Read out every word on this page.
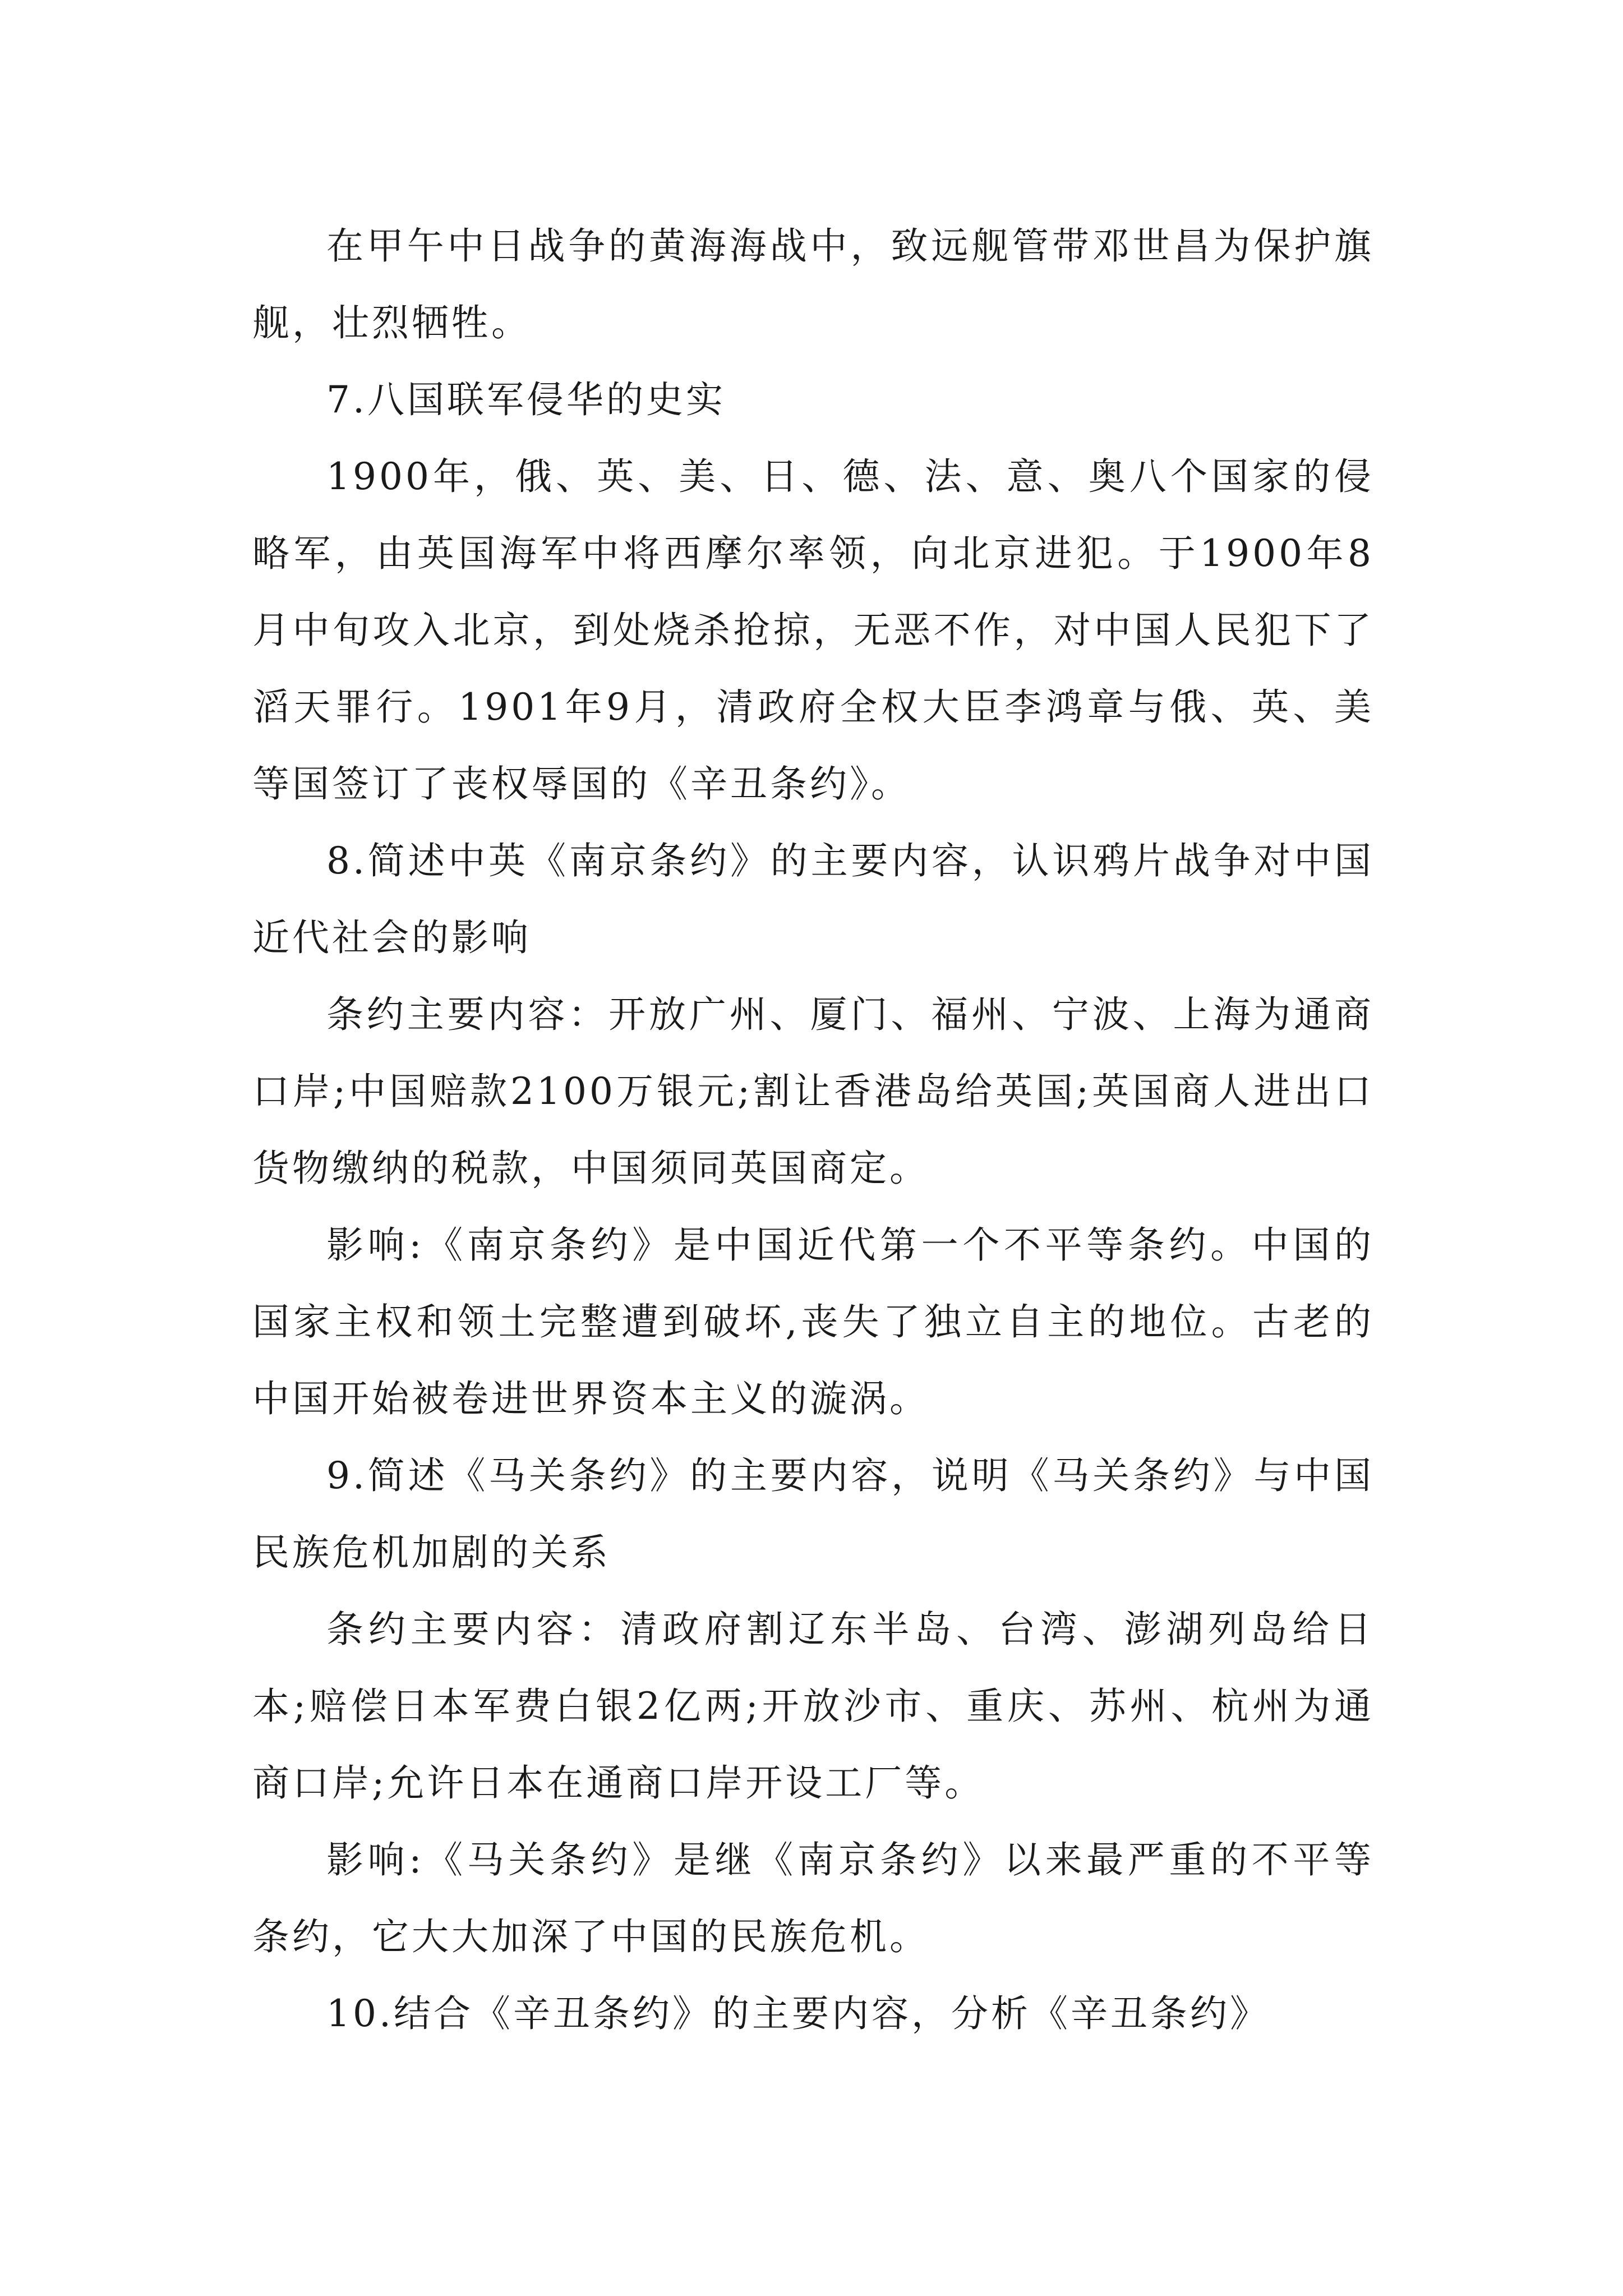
在甲午中日战争的黄海海战中，致远舰管带邓世昌为保护旗舰，壮烈牺牲。

7.八国联军侵华的史实

1900年，俄、英、美、日、德、法、意、奥八个国家的侵略军，由英国海军中将西摩尔率领，向北京进犯。于1900年8月中旬攻入北京，到处烧杀抢掠，无恶不作，对中国人民犯下了滔天罪行。1901年9月，清政府全权大臣李鸿章与俄、英、美等国签订了丧权辱国的《辛丑条约》。

8.简述中英《南京条约》的主要内容，认识鸦片战争对中国近代社会的影响

条约主要内容：开放广州、厦门、福州、宁波、上海为通商口岸;中国赔款2100万银元;割让香港岛给英国;英国商人进出口货物缴纳的税款，中国须同英国商定。

影响:《南京条约》是中国近代第一个不平等条约。中国的国家主权和领土完整遭到破坏,丧失了独立自主的地位。古老的中国开始被卷进世界资本主义的漩涡。

9.简述《马关条约》的主要内容，说明《马关条约》与中国民族危机加剧的关系

条约主要内容：清政府割辽东半岛、台湾、澎湖列岛给日本;赔偿日本军费白银2亿两;开放沙市、重庆、苏州、杭州为通商口岸;允许日本在通商口岸开设工厂等。

影响:《马关条约》是继《南京条约》以来最严重的不平等条约，它大大加深了中国的民族危机。

10.结合《辛丑条约》的主要内容，分析《辛丑条约》
